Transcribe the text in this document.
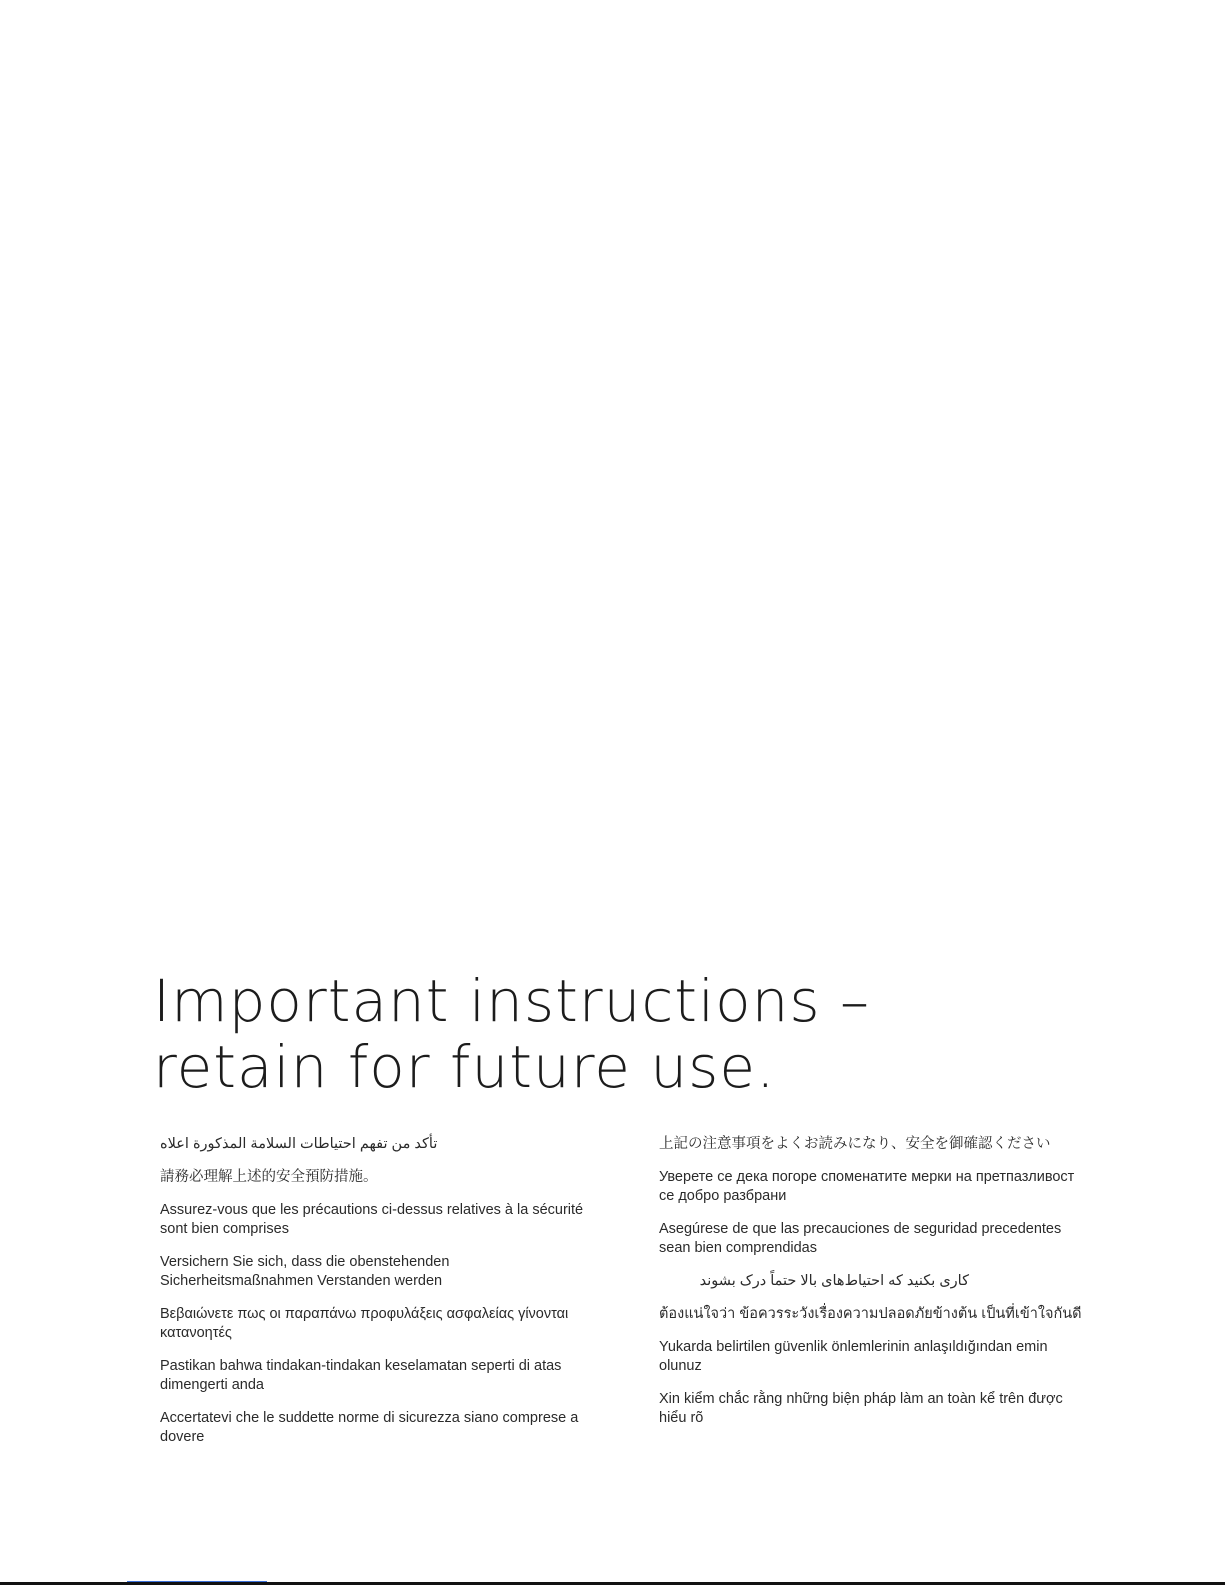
Important instructions –
retain for future use.

تأكد من تفهم احتياطات السلامة المذكورة اعلاه

請務必理解上述的安全預防措施。

Assurez-vous que les précautions ci-dessus relatives à la sécurité sont bien comprises

Versichern Sie sich, dass die obenstehenden Sicherheitsmaßnahmen Verstanden werden

Βεβαιώνετε πως οι παραπάνω προφυλάξεις ασφαλείας γίνονται κατανοητές

Pastikan bahwa tindakan-tindakan keselamatan seperti di atas dimengerti anda

Accertatevi che le suddette norme di sicurezza siano comprese a dovere

上記の注意事項をよくお読みになり、安全を御確認ください

Уверете се дека погоре споменатите мерки на претпазливост се добро разбрани

Asegúrese de que las precauciones de seguridad precedentes sean bien comprendidas

کاری بکنید که احتیاط‌های بالا حتماً درک بشوند

ต้องแน่ใจว่า ข้อควรระวังเรื่องความปลอดภัยข้างต้น เป็นที่เข้าใจกันดี

Yukarda belirtilen güvenlik önlemlerinin anlaşıldığından emin olunuz

Xin kiểm chắc rằng những biện pháp làm an toàn kể trên được hiểu rõ
